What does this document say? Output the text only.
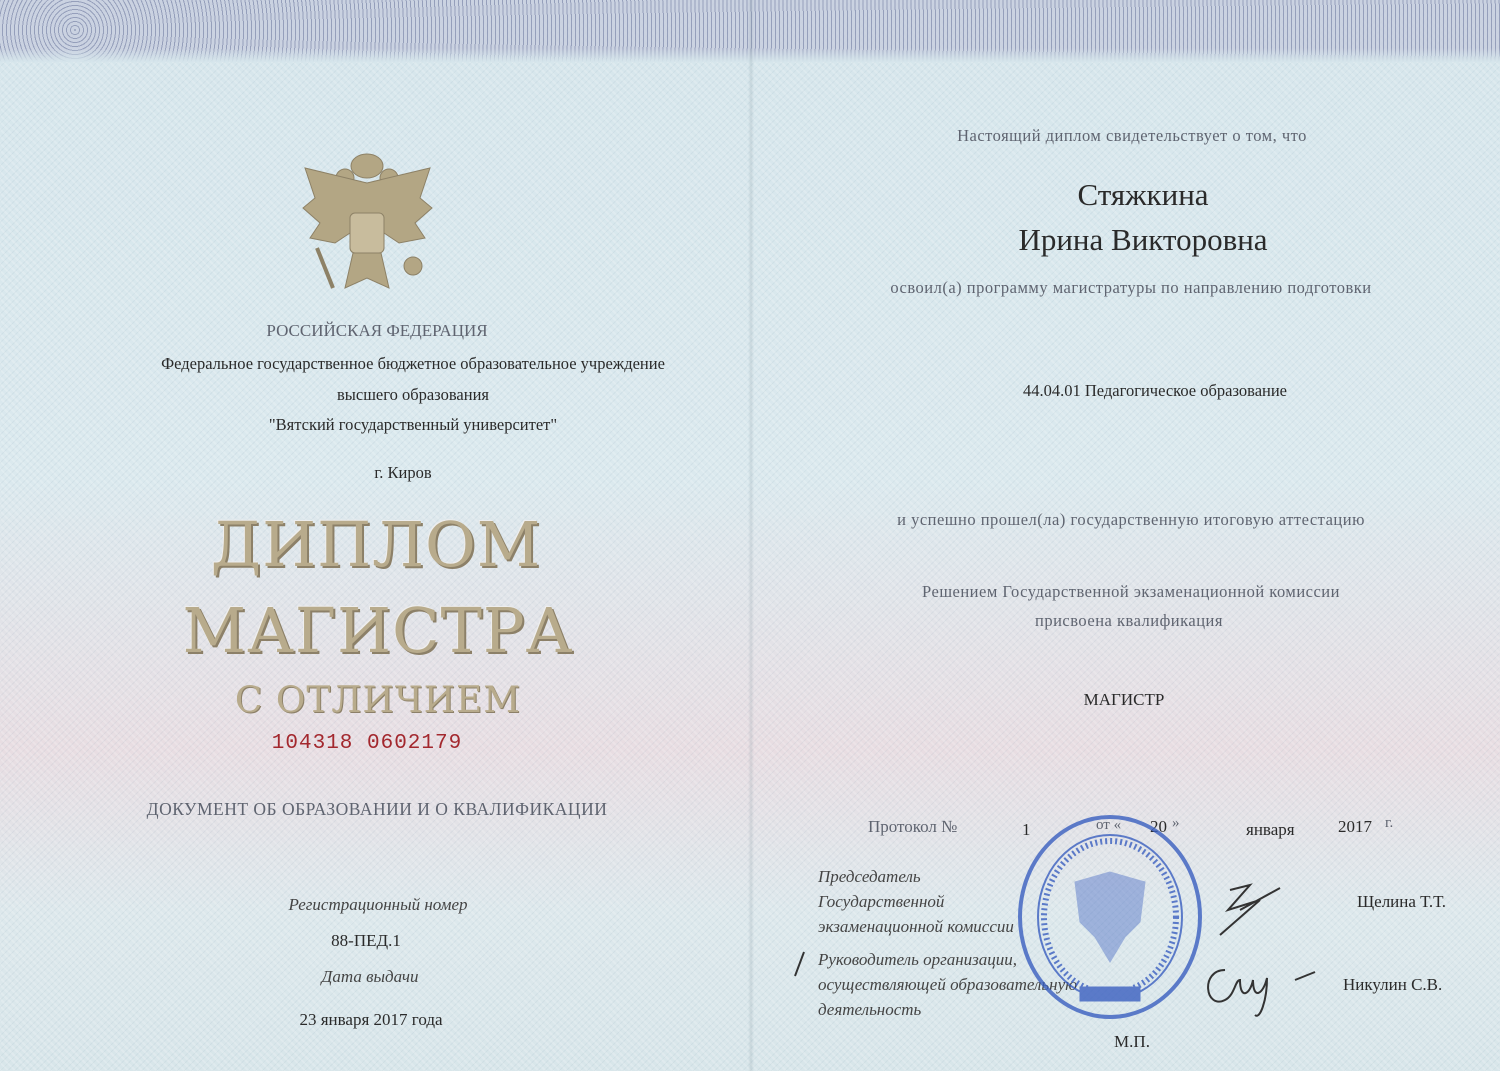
РОССИЙСКАЯ ФЕДЕРАЦИЯ
Федеральное государственное бюджетное образовательное учреждение
высшего образования
"Вятский государственный университет"
г. Киров
ДИПЛОМ
МАГИСТРА
С ОТЛИЧИЕМ
104318 0602179
ДОКУМЕНТ ОБ ОБРАЗОВАНИИ И О КВАЛИФИКАЦИИ
Регистрационный номер
88-ПЕД.1
Дата выдачи
23 января 2017 года
Настоящий диплом свидетельствует о том, что
Стяжкина
Ирина Викторовна
освоил(а) программу магистратуры по направлению подготовки
44.04.01 Педагогическое образование
и успешно прошел(ла) государственную итоговую аттестацию
Решением Государственной экзаменационной комиссии
присвоена квалификация
МАГИСТР
Протокол №	1	от « 20 »	января	2017 г.
Председатель
Государственной
экзаменационной комиссии
Щелина Т.Т.
Руководитель организации,
осуществляющей образовательную
деятельность
Никулин С.В.
М.П.
